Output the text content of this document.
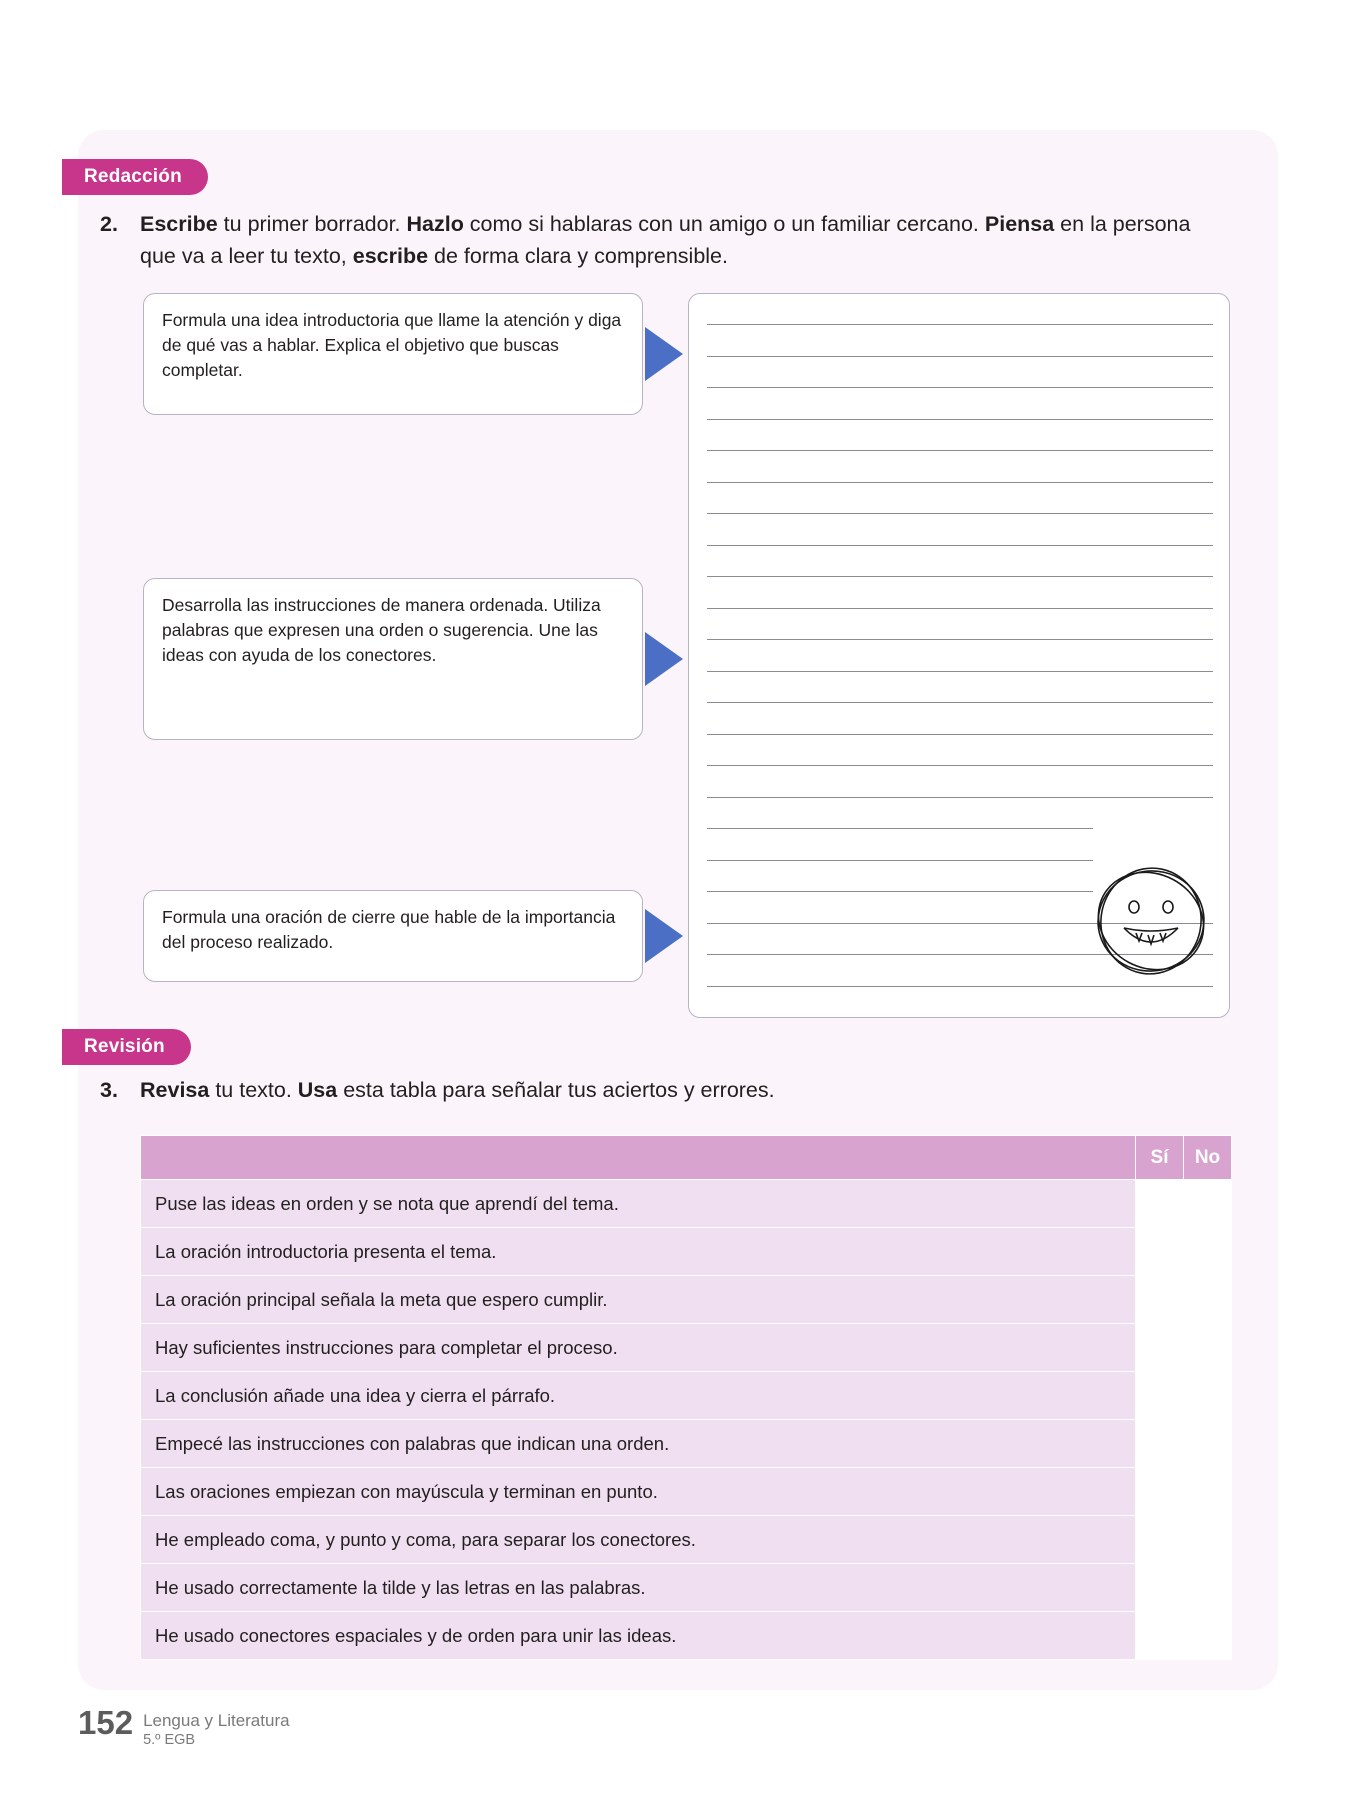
Redacción
2. Escribe tu primer borrador. Hazlo como si hablaras con un amigo o un familiar cercano. Piensa en la persona que va a leer tu texto, escribe de forma clara y comprensible.
Formula una idea introductoria que llame la atención y diga de qué vas a hablar. Explica el objetivo que buscas completar.
Desarrolla las instrucciones de manera ordenada. Utiliza palabras que expresen una orden o sugerencia. Une las ideas con ayuda de los conectores.
Formula una oración de cierre que hable de la importancia del proceso realizado.
Revisión
3. Revisa tu texto. Usa esta tabla para señalar tus aciertos y errores.
	Sí	No
Puse las ideas en orden y se nota que aprendí del tema.		
La oración introductoria presenta el tema.		
La oración principal señala la meta que espero cumplir.		
Hay suficientes instrucciones para completar el proceso.		
La conclusión añade una idea y cierra el párrafo.		
Empecé las instrucciones con palabras que indican una orden.		
Las oraciones empiezan con mayúscula y terminan en punto.		
He empleado coma, y punto y coma, para separar los conectores.		
He usado correctamente la tilde y las letras en las palabras.		
He usado conectores espaciales y de orden para unir las ideas.		
152 Lengua y Literatura
5.º EGB
